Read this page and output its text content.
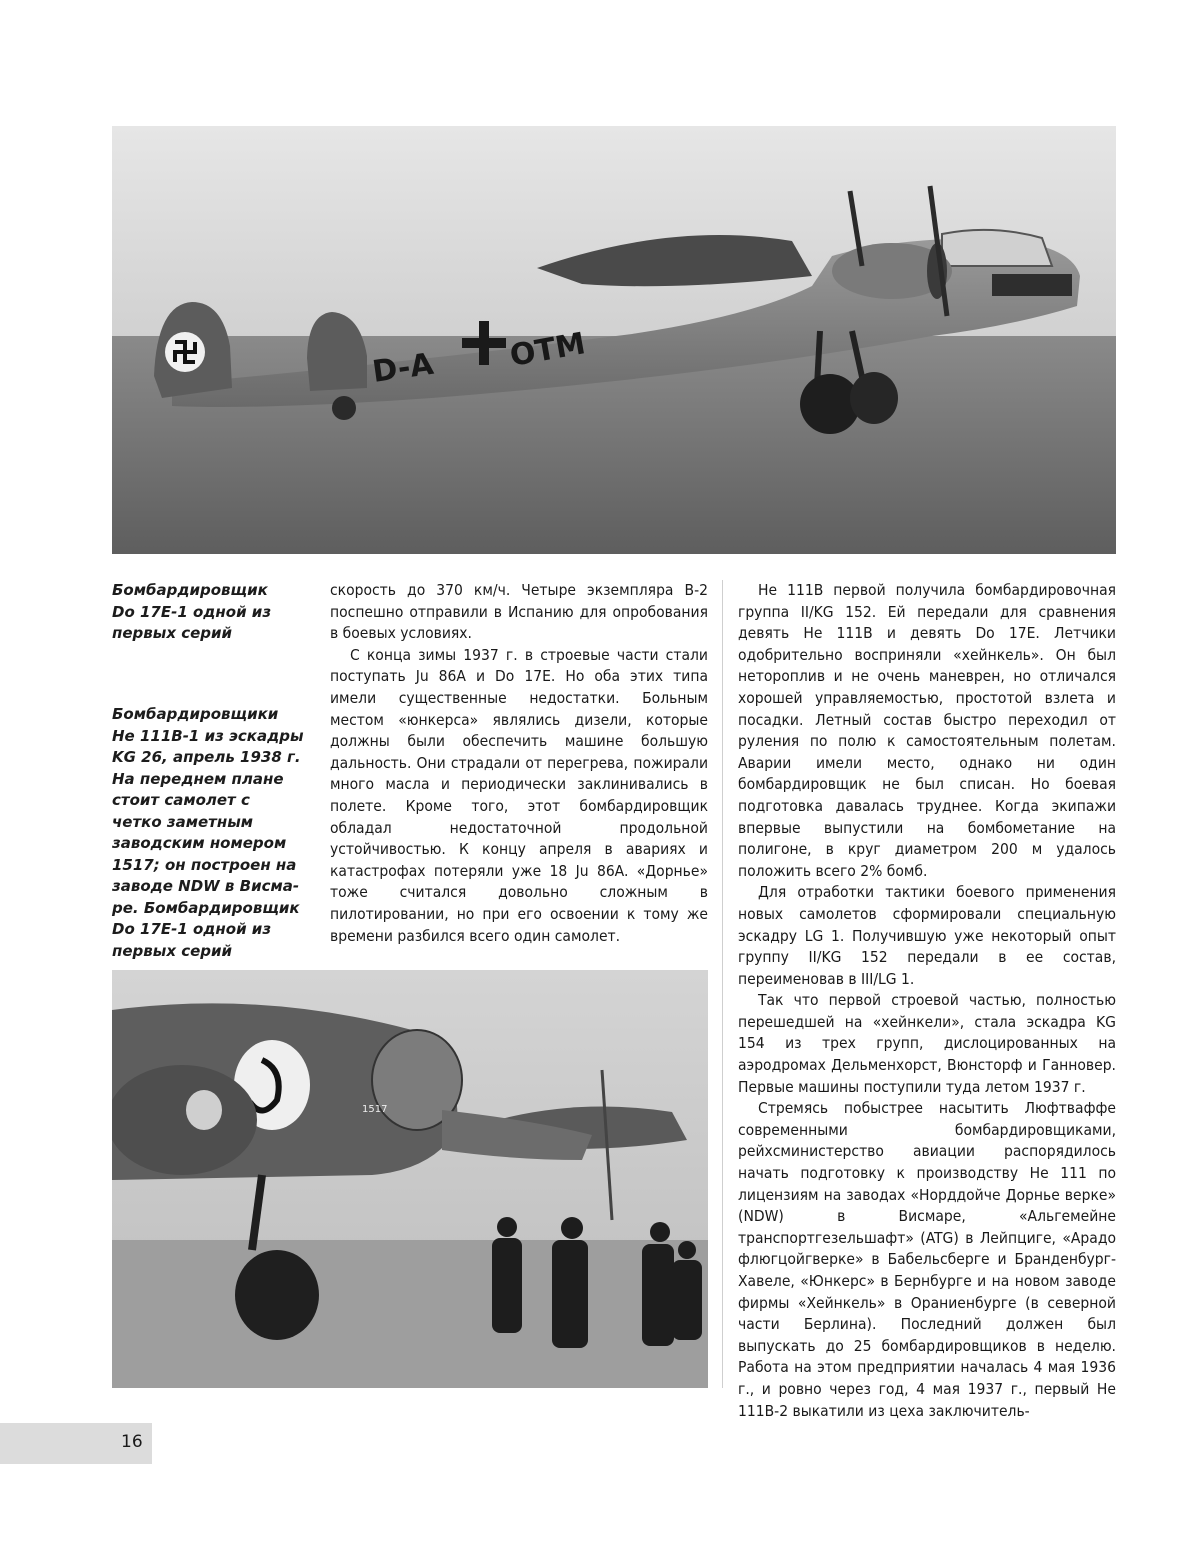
D-A OTM
Бомбардировщик
Do 17E-1 одной из
первых серий
Бомбардировщики
He 111B-1 из эскадры
KG 26, апрель 1938 г.
На переднем плане
стоит самолет с
четко заметным
заводским номером
1517; он построен на
заводе NDW в Висма-
ре. Бомбардировщик
Do 17E-1 одной из
первых серий

скорость до 370 км/ч. Четыре экземпляра B-2 поспешно отправили в Испанию для опробования в боевых условиях.

С конца зимы 1937 г. в строевые части стали поступать Ju 86A и Do 17E. Но оба этих типа имели существенные недостатки. Больным местом «юнкерса» являлись дизели, которые должны были обеспечить машине большую дальность. Они страдали от перегрева, пожирали много масла и периодически заклинивались в полете. Кроме того, этот бомбардировщик обладал недостаточной продольной устойчивостью. К концу апреля в авариях и катастрофах потеряли уже 18 Ju 86A. «Дорнье» тоже считался довольно сложным в пилотировании, но при его освоении к тому же времени разбился всего один самолет.

He 111B первой получила бомбардировочная группа II/KG 152. Ей передали для сравнения девять He 111B и девять Do 17E. Летчики одобрительно восприняли «хейнкель». Он был нетороплив и не очень маневрен, но отличался хорошей управляемостью, простотой взлета и посадки. Летный состав быстро переходил от руления по полю к самостоятельным полетам. Аварии имели место, однако ни один бомбардировщик не был списан. Но боевая подготовка давалась труднее. Когда экипажи впервые выпустили на бомбометание на полигоне, в круг диаметром 200 м удалось положить всего 2% бомб.

Для отработки тактики боевого применения новых самолетов сформировали специальную эскадру LG 1. Получившую уже некоторый опыт группу II/KG 152 передали в ее состав, переименовав в III/LG 1.

Так что первой строевой частью, полностью перешедшей на «хейнкели», стала эскадра KG 154 из трех групп, дислоцированных на аэродромах Дельменхорст, Вюнсторф и Ганновер. Первые машины поступили туда летом 1937 г.

Стремясь побыстрее насытить Люфтваффе современными бомбардировщиками, рейхсминистерство авиации распорядилось начать подготовку к производству He 111 по лицензиям на заводах «Норддойче Дорнье верке» (NDW) в Висмаре, «Альгемейне транспортгезельшафт» (ATG) в Лейпциге, «Арадо флюгцойгверке» в Бабельсберге и Бранденбург-Хавеле, «Юнкерс» в Бернбурге и на новом заводе фирмы «Хейнкель» в Ораниенбурге (в северной части Берлина). Последний должен был выпускать до 25 бомбардировщиков в неделю. Работа на этом предприятии началась 4 мая 1936 г., и ровно через год, 4 мая 1937 г., первый He 111B-2 выкатили из цеха заключитель-

1517
16
